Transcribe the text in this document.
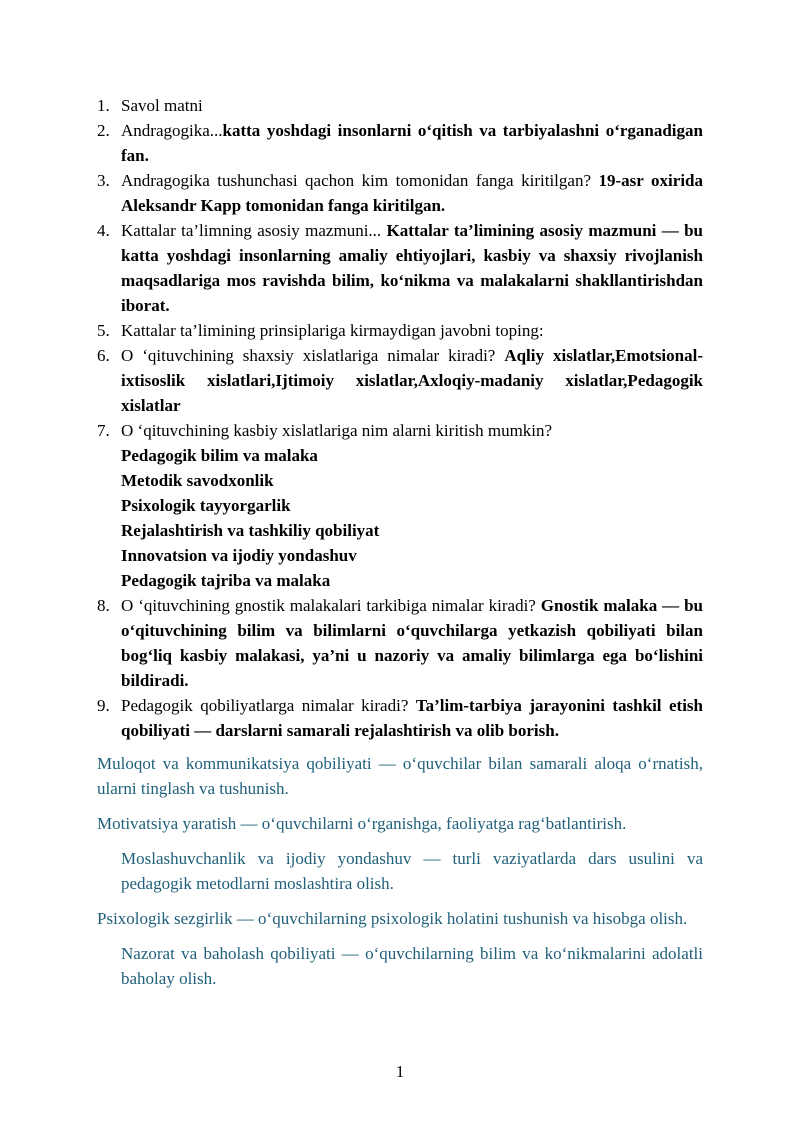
1. Savol matnі
2. Andragogika...katta yoshdagi insonlarni o‘qitish va tarbiyalashni o‘rganadigan fan.
3. Andragogika tushunchasi qachon kim tomonidan fanga kiritilgan? 19-asr oxirida Aleksandr Kapp tomonidan fanga kiritilgan.
4. Kattalar ta’limning asosiy mazmuni... Kattalar ta’limining asosiy mazmuni — bu katta yoshdagi insonlarning amaliy ehtiyojlari, kasbiy va shaxsiy rivojlanish maqsadlariga mos ravishda bilim, ko‘nikma va malakalarni shakllantirishdan iborat.
5. Kattalar ta’limining prinsiplariga kirmaydigan javobni toping:
6. O ‘qituvchining shaxsiy xislatlariga nimalar kiradi? Aqliy xislatlar,Emotsional-ixtisoslik xislatlari,Ijtimoiy xislatlar,Axloqiy-madaniy xislatlar,Pedagogik xislatlar
7. O ‘qituvchining kasbiy xislatlariga nim alarni kiritish mumkin?
Pedagogik bilim va malaka
Metodik savodxonlik
Psixologik tayyorgarlik
Rejalashtirish va tashkiliy qobiliyat
Innovatsion va ijodiy yondashuv
Pedagogik tajriba va malaka
8. O ‘qituvchining gnostik malakalari tarkibiga nimalar kiradi? Gnostik malaka — bu o‘qituvchining bilim va bilimlarni o‘quvchilarga yetkazish qobiliyati bilan bog‘liq kasbiy malakasi, ya’ni u nazoriy va amaliy bilimlarga ega bo‘lishini bildiradi.
9. Pedagogik qobiliyatlarga nimalar kiradi? Ta’lim-tarbiya jarayonini tashkil etish qobiliyati — darslarni samarali rejalashtirish va olib borish.

Muloqot va kommunikatsiya qobiliyati — o‘quvchilar bilan samarali aloqa o‘rnatish, ularni tinglash va tushunish.

Motivatsiya yaratish — o‘quvchilarni o‘rganishga, faoliyatga rag‘batlantirish.

Moslashuvchanlik va ijodiy yondashuv — turli vaziyatlarda dars usulini va pedagogik metodlarni moslashtira olish.

Psixologik sezgirlik — o‘quvchilarning psixologik holatini tushunish va hisobga olish.

Nazorat va baholash qobiliyati — o‘quvchilarning bilim va ko‘nikmalarini adolatli baholay olish.

1
